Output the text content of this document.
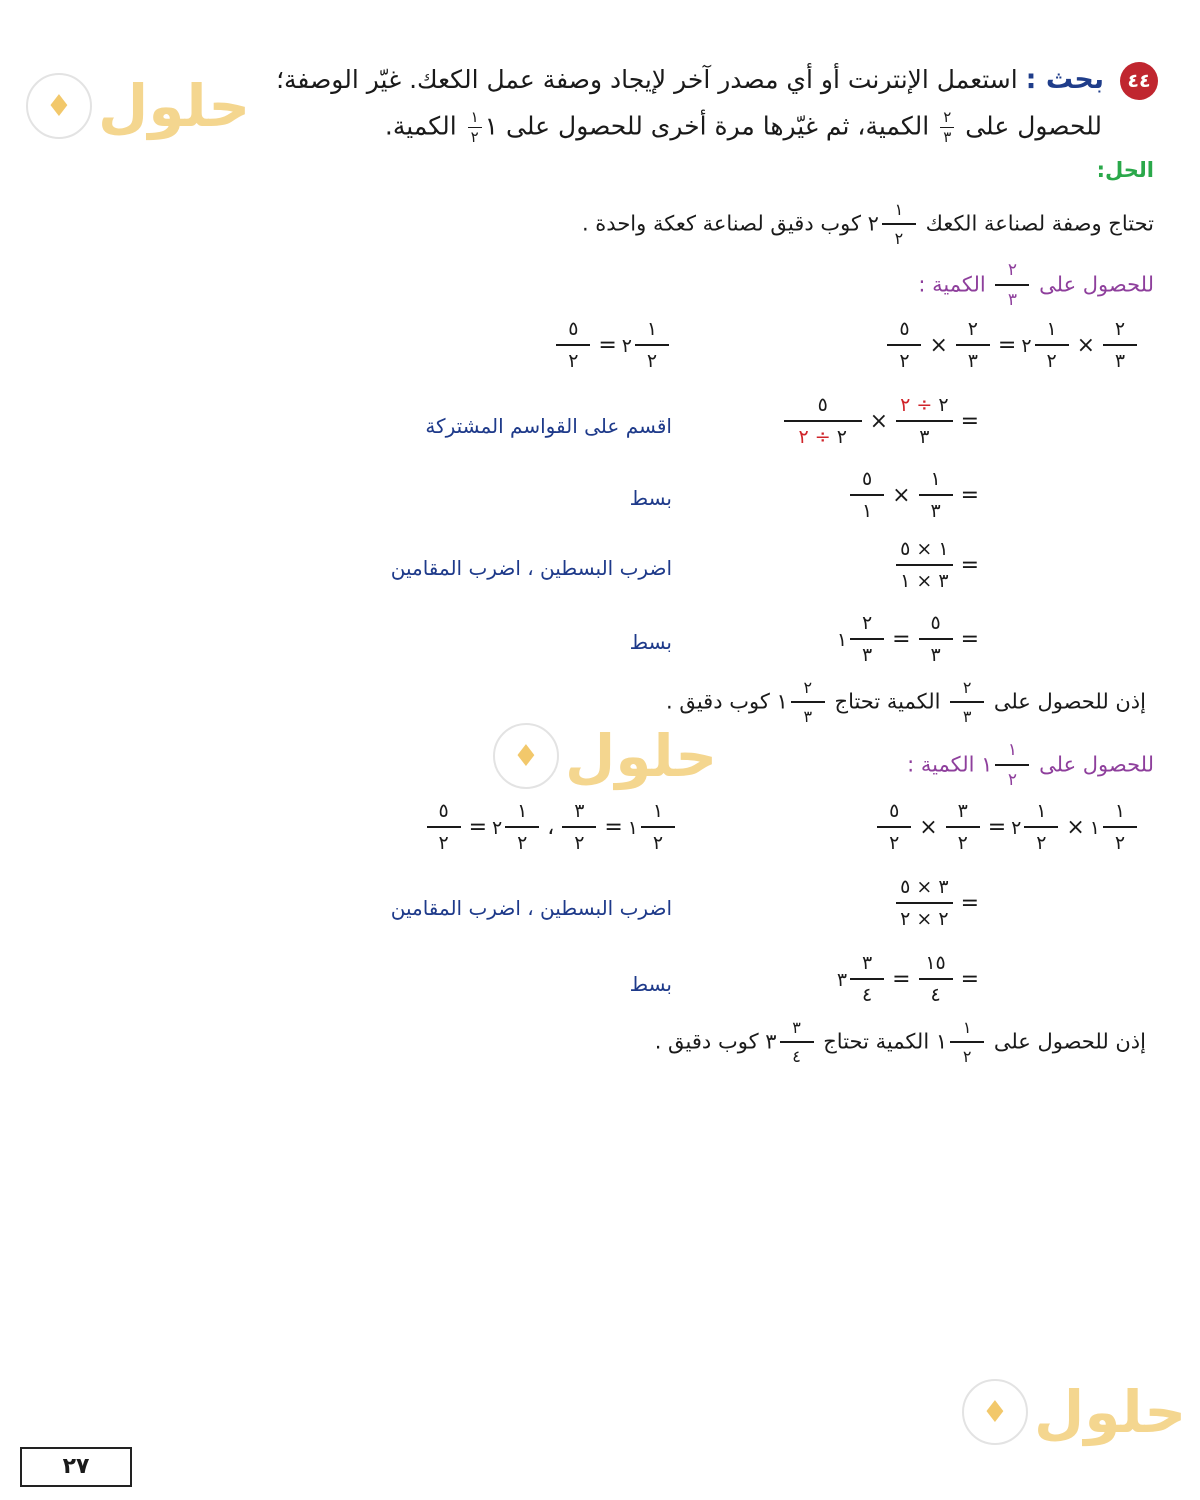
♦ حلول
♦ حلول
♦ حلول
٤٤ بحث : استعمل الإنترنت أو أي مصدر آخر لإيجاد وصفة عمل الكعك. غيّر الوصفة؛
للحصول على
$\frac{٢}{٣}$
الكمية، ثم غيّرها مرة أخرى للحصول على ١
$\frac{١}{٢}$
الكمية.
الحل:
تحتاج وصفة لصناعة الكعك
$\frac{١}{٢}$
٢ كوب دقيق لصناعة كعكة واحدة .
للحصول على
$\frac{٢}{٣}$
الكمية :
$\frac{٢}{٣}$
×
$\frac{١}{٢}$
٢
=
$\frac{٢}{٣}$
×
$\frac{٥}{٢}$
$\frac{١}{٢}$
٢
=
$\frac{٥}{٢}$
=
$\frac{٢ \div ٢}{٣}$
×
$\frac{٥}{٢ \div ٢}$
اقسم على القواسم المشتركة
=
$\frac{١}{٣}$
×
$\frac{٥}{١}$
بسط
=
$\frac{١ \times ٥}{٣ \times ١}$
اضرب البسطين ، اضرب المقامين
=
$\frac{٥}{٣}$
=
$\frac{٢}{٣}$
١
بسط
إذن للحصول على
$\frac{٢}{٣}$
الكمية تحتاج
$\frac{٢}{٣}$
١ كوب دقيق .
للحصول على
$\frac{١}{٢}$
١ الكمية :
$\frac{١}{٢}$
١
×
$\frac{١}{٢}$
٢
=
$\frac{٣}{٢}$
×
$\frac{٥}{٢}$
$\frac{١}{٢}$
١
=
$\frac{٣}{٢}$
،
$\frac{١}{٢}$
٢
=
$\frac{٥}{٢}$
=
$\frac{٣ \times ٥}{٢ \times ٢}$
اضرب البسطين ، اضرب المقامين
=
$\frac{١٥}{٤}$
=
$\frac{٣}{٤}$
٣
بسط
إذن للحصول على
$\frac{١}{٢}$
١ الكمية تحتاج
$\frac{٣}{٤}$
٣ كوب دقيق .
٢٧
